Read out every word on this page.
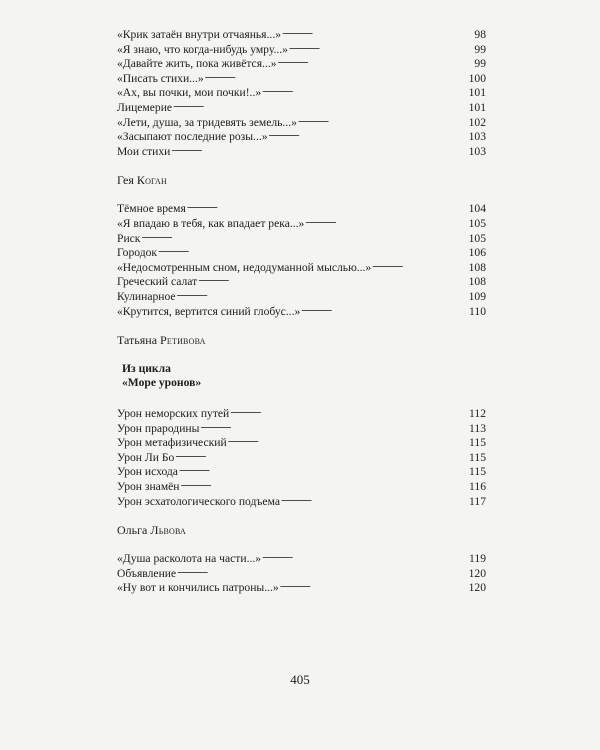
«Крик затаён внутри отчаянья...» . . .	98
«Я знаю, что когда-нибудь умру...» . . .	99
«Давайте жить, пока живётся...» . . .	99
«Писать стихи...» . . .	100
«Ах, вы почки, мои почки!..» . . .	101
Лицемерие . . .	101
«Лети, душа, за тридевять земель...» . . .	102
«Засыпают последние розы...» . . .	103
Мои стихи . . .	103
Гея Коган
Тёмное время . . .	104
«Я впадаю в тебя, как впадает река...» . . .	105
Риск . . .	105
Городок . . .	106
«Недосмотренным сном, недодуманной мыслью...» . . .	108
Греческий салат . . .	108
Кулинарное . . .	109
«Крутится, вертится синий глобус...» . . .	110
Татьяна Ретивова
Из цикла
«Море уронов»
Урон неморских путей . . .	112
Урон прародины . . .	113
Урон метафизический . . .	115
Урон Ли Бо . . .	115
Урон исхода . . .	115
Урон знамён . . .	116
Урон эсхатологического подъема . . .	117
Ольга Львова
«Душа расколота на части...» . . .	119
Объявление . . .	120
«Ну вот и кончились патроны...» . . .	120
405
